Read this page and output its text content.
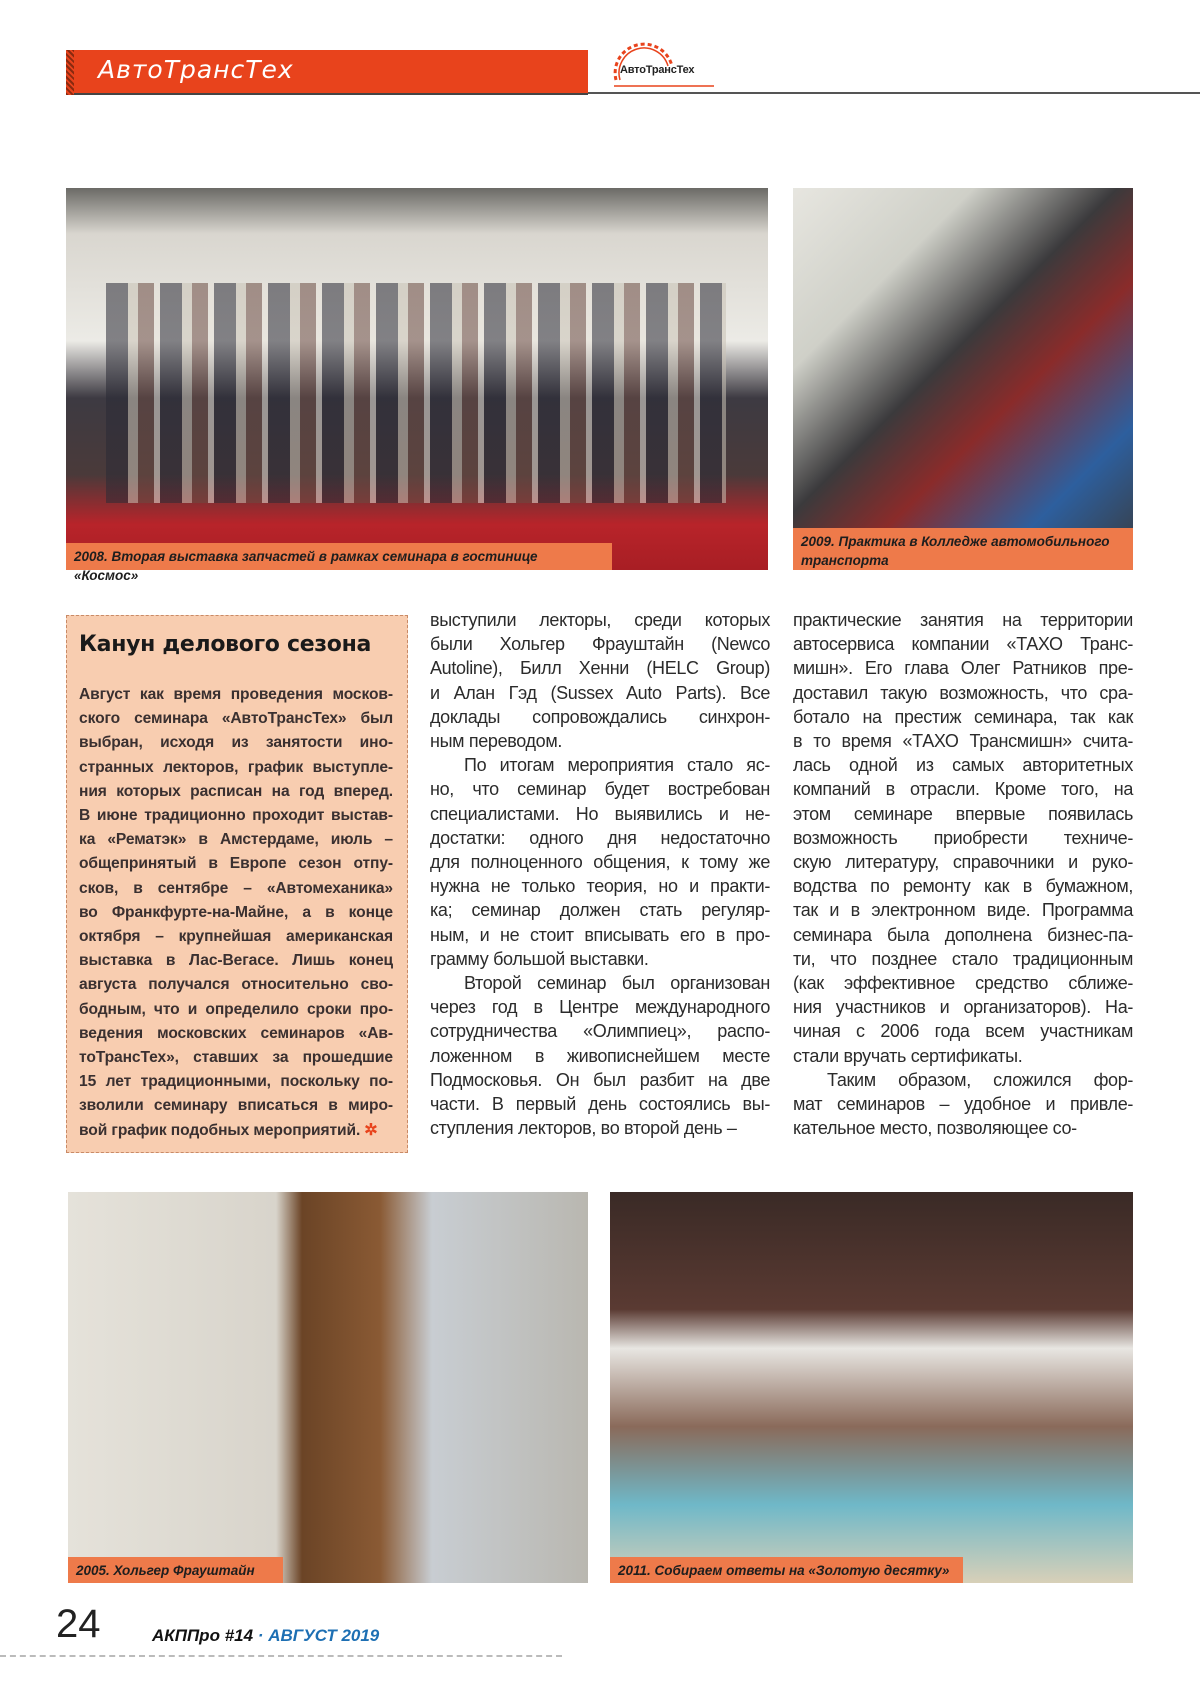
АвтоТрансТех	АвтоТрансТех
2008. Вторая выставка запчастей в рамках семинара в гостинице «Космос»
2009. Практика в Колледже автомобильного транспорта
Канун делового сезона
Август как время проведения москов-
ского семинара «АвтоТрансТех» был
выбран, исходя из занятости ино-
странных лекторов, график выступле-
ния которых расписан на год вперед.
В июне традиционно проходит выстав-
ка «Рематэк» в Амстердаме, июль –
общепринятый в Европе сезон отпу-
сков, в сентябре – «Автомеханика»
во Франкфурте-на-Майне, а в конце
октября – крупнейшая американская
выставка в Лас-Вегасе. Лишь конец
августа получался относительно сво-
бодным, что и определило сроки про-
ведения московских семинаров «Ав-
тоТрансТех», ставших за прошедшие
15 лет традиционными, поскольку по-
зволили семинару вписаться в миро-
вой график подобных мероприятий. ✲
выступили лекторы, среди которых
были Хольгер Фрауштайн (Newco
Autoline), Билл Хенни (HELC Group)
и Алан Гэд (Sussex Auto Parts). Все
доклады сопровождались синхрон-
ным переводом.
По итогам мероприятия стало яс-
но, что семинар будет востребован
специалистами. Но выявились и не-
достатки: одного дня недостаточно
для полноценного общения, к тому же
нужна не только теория, но и практи-
ка; семинар должен стать регуляр-
ным, и не стоит вписывать его в про-
грамму большой выставки.
Второй семинар был организован
через год в Центре международного
сотрудничества «Олимпиец», распо-
ложенном в живописнейшем месте
Подмосковья. Он был разбит на две
части. В первый день состоялись вы-
ступления лекторов, во второй день –
практические занятия на территории
автосервиса компании «ТАХО Транс-
мишн». Его глава Олег Ратников пре-
доставил такую возможность, что сра-
ботало на престиж семинара, так как
в то время «ТАХО Трансмишн» счита-
лась одной из самых авторитетных
компаний в отрасли. Кроме того, на
этом семинаре впервые появилась
возможность приобрести техниче-
скую литературу, справочники и руко-
водства по ремонту как в бумажном,
так и в электронном виде. Программа
семинара была дополнена бизнес-па-
ти, что позднее стало традиционным
(как эффективное средство сближе-
ния участников и организаторов). На-
чиная с 2006 года всем участникам
стали вручать сертификаты.
Таким образом, сложился фор-
мат семинаров – удобное и привле-
кательное место, позволяющее со-
2005. Хольгер Фрауштайн	2011. Собираем ответы на «Золотую десятку»
24	АКППро #14 · АВГУСТ 2019
